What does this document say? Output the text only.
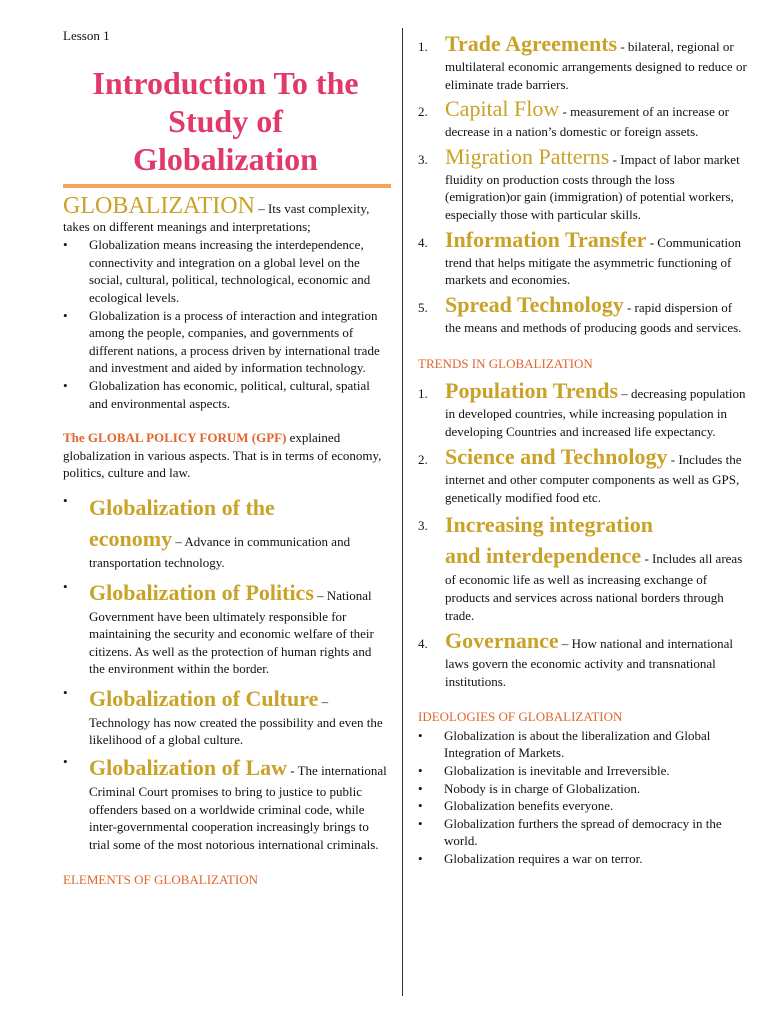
Lesson 1
Introduction To the
Study of
Globalization

GLOBALIZATION – Its vast complexity, takes on different meanings and interpretations;

• Globalization means increasing the interdependence, connectivity and integration on a global level on the social, cultural, political, technological, economic and ecological levels.
• Globalization is a process of interaction and integration among the people, companies, and governments of different nations, a process driven by international trade and investment and aided by information technology.
• Globalization has economic, political, cultural, spatial and environmental aspects.

The GLOBAL POLICY FORUM (GPF) explained globalization in various aspects. That is in terms of economy, politics, culture and law.

• Globalization of the
economy – Advance in communication and transportation technology.
• Globalization of Politics – National Government have been ultimately responsible for maintaining the security and economic welfare of their citizens. As well as the protection of human rights and the environment within the border.
• Globalization of Culture – Technology has now created the possibility and even the likelihood of a global culture.
• Globalization of Law - The international Criminal Court promises to bring to justice to public offenders based on a worldwide criminal code, while inter-governmental cooperation increasingly brings to trial some of the most notorious international criminals.

ELEMENTS OF GLOBALIZATION

1. Trade Agreements - bilateral, regional or multilateral economic arrangements designed to reduce or eliminate trade barriers.
2. Capital Flow - measurement of an increase or decrease in a nation’s domestic or foreign assets.
3. Migration Patterns - Impact of labor market fluidity on production costs through the loss (emigration)or gain (immigration) of potential workers, especially those with particular skills.
4. Information Transfer - Communication trend that helps mitigate the asymmetric functioning of markets and economies.
5. Spread Technology - rapid dispersion of the means and methods of producing goods and services.

TRENDS IN GLOBALIZATION

1. Population Trends – decreasing population in developed countries, while increasing population in developing Countries and increased life expectancy.
2. Science and Technology - Includes the internet and other computer components as well as GPS, genetically modified food etc.
3. Increasing integration
and interdependence - Includes all areas of economic life as well as increasing exchange of products and services across national borders through trade.
4. Governance – How national and international laws govern the economic activity and transnational institutions.

IDEOLOGIES OF GLOBALIZATION

• Globalization is about the liberalization and Global Integration of Markets.
• Globalization is inevitable and Irreversible.
• Nobody is in charge of Globalization.
• Globalization benefits everyone.
• Globalization furthers the spread of democracy in the world.
• Globalization requires a war on terror.
